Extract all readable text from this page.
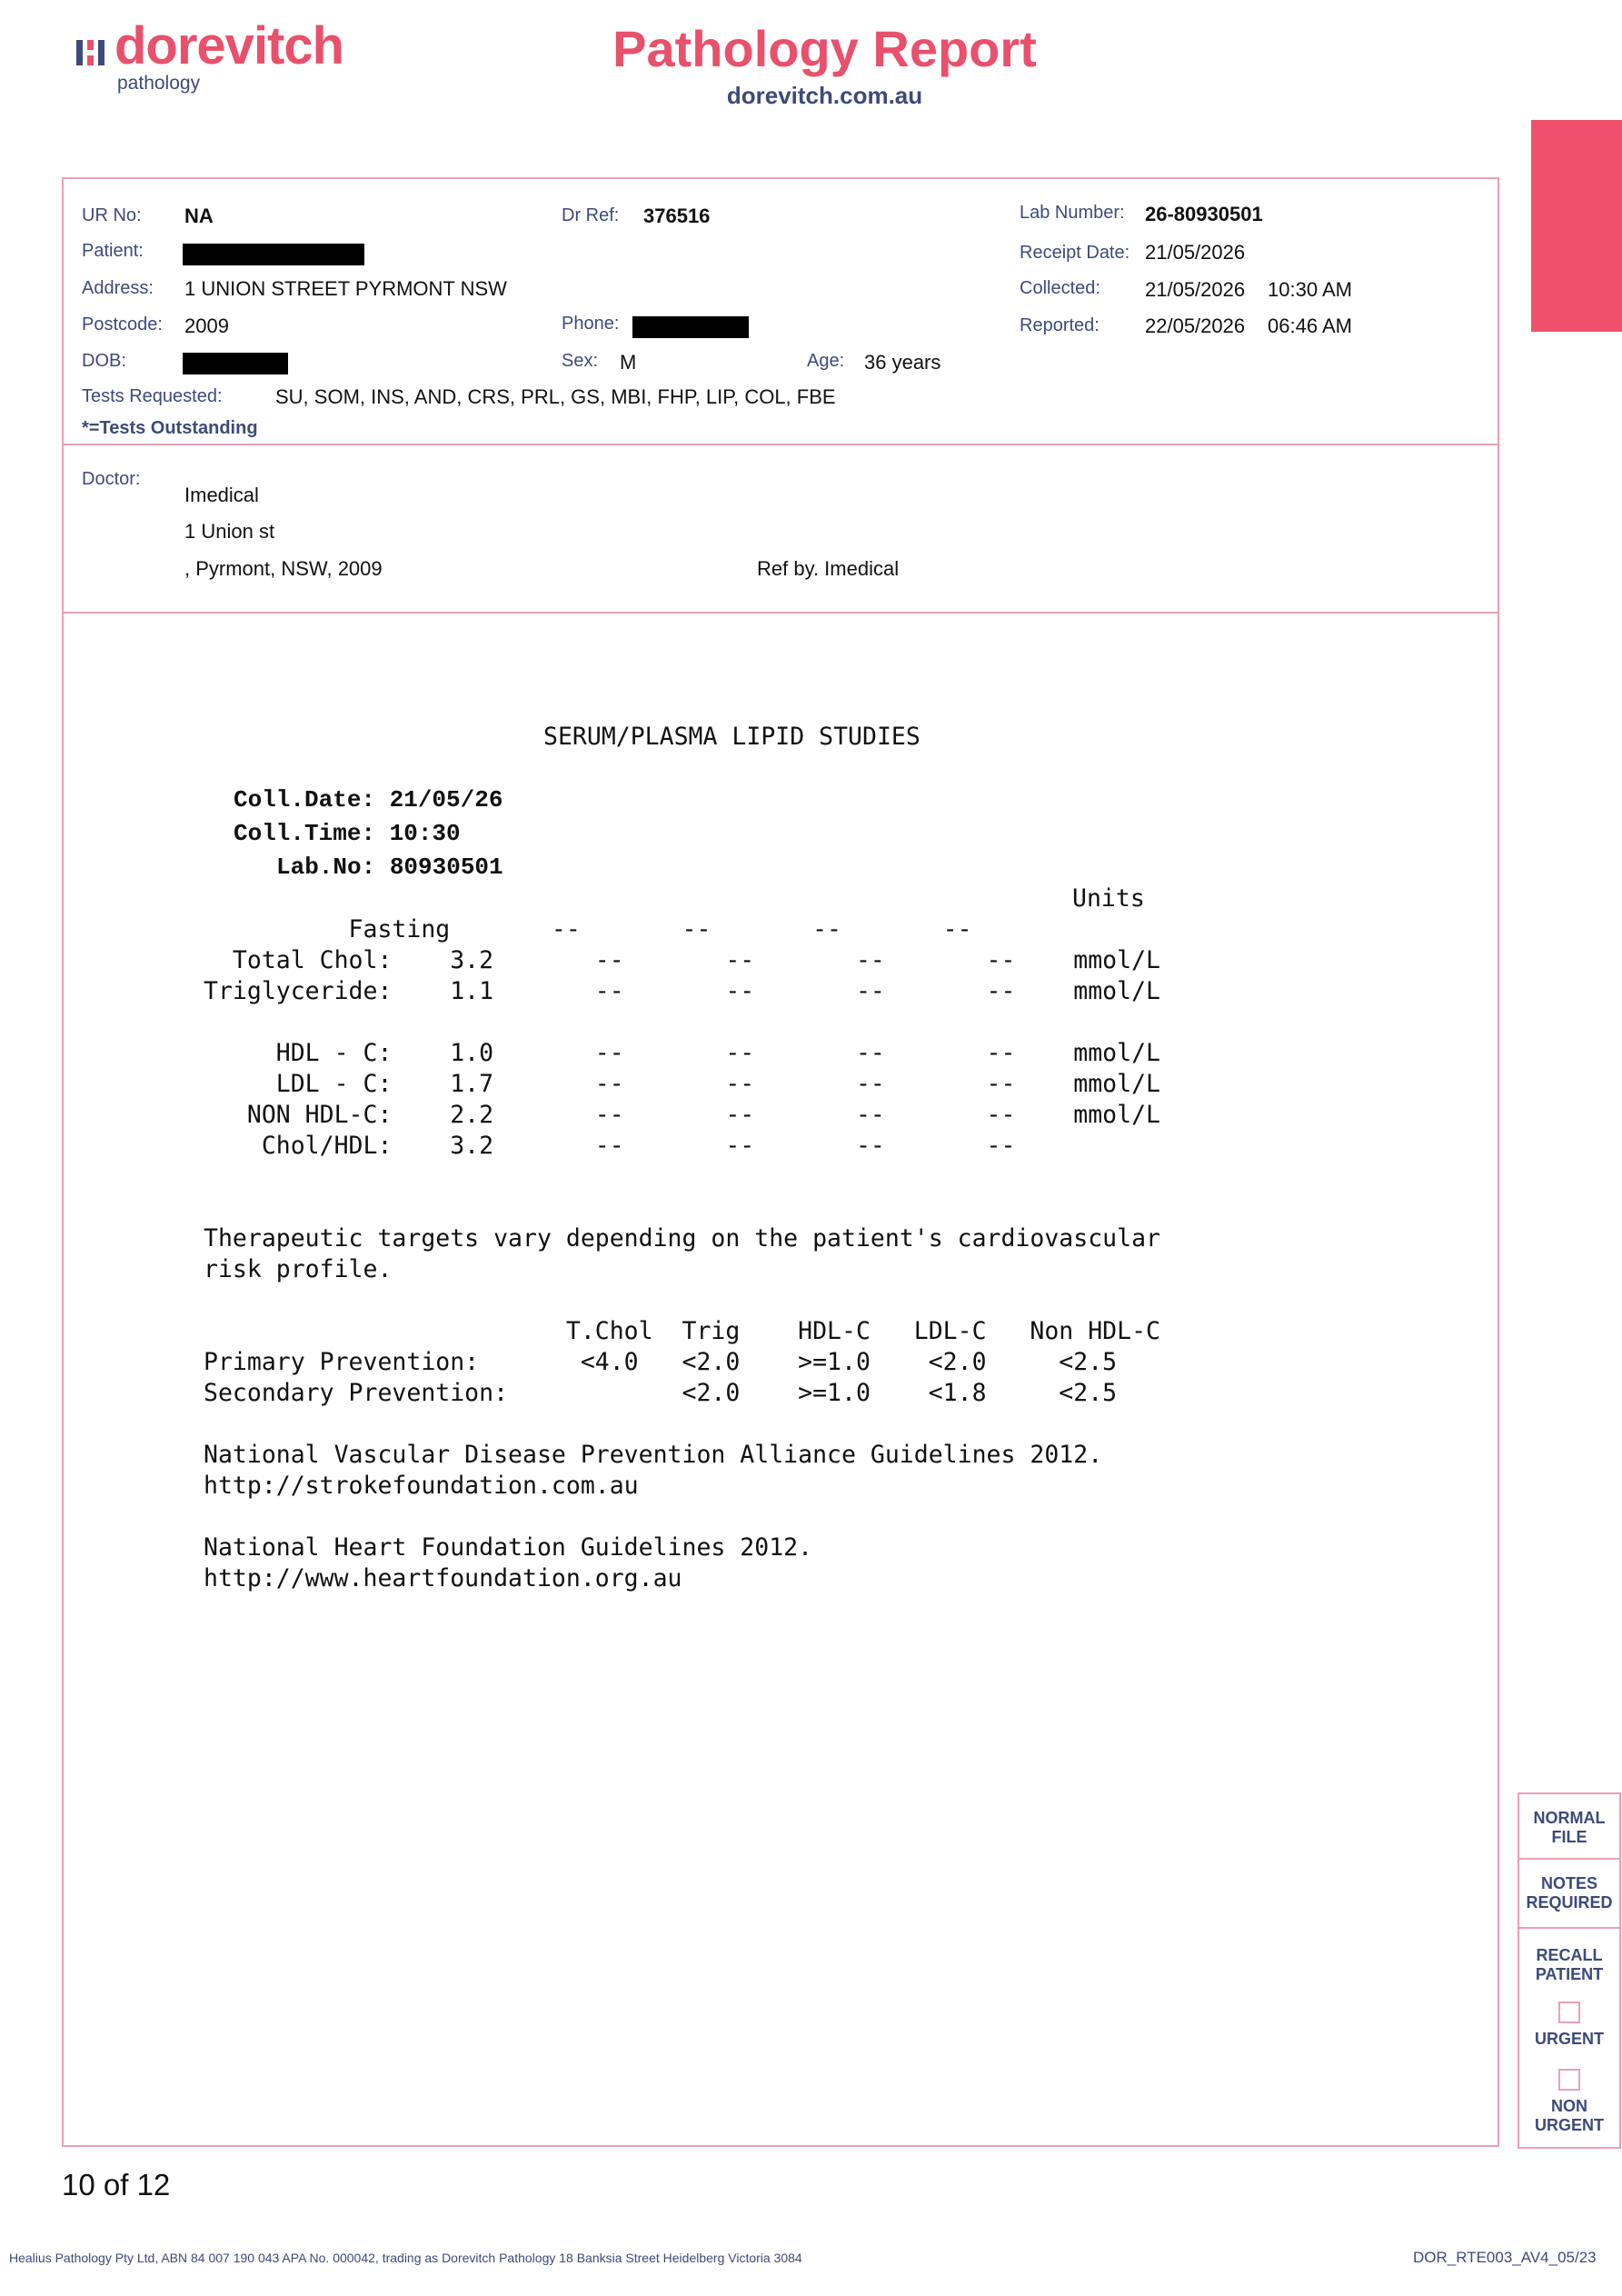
dorevitch
pathology
Pathology Report
dorevitch.com.au
UR No: NA
Patient:
Address: 1 UNION STREET PYRMONT NSW
Postcode: 2009
DOB:
Tests Requested:	SU, SOM, INS, AND, CRS, PRL, GS, MBI, FHP, LIP, COL, FBE
*=Tests Outstanding
Dr Ref: 376516
Phone:
Sex: M	Age: 36 years
Lab Number: 26-80930501
Receipt Date: 21/05/2026
Collected: 21/05/2026 10:30 AM
Reported: 22/05/2026 06:46 AM
Doctor:
Imedical
1 Union st
, Pyrmont, NSW, 2009	Ref by. Imedical
SERUM/PLASMA LIPID STUDIES
Coll.Date: 21/05/26
Coll.Time: 10:30
Lab.No: 80930501
Units
Fasting       --       --       --       --
Total Chol:    3.2       --       --       --       --    mmol/L
Triglyceride:    1.1       --       --       --       --    mmol/L
HDL - C:    1.0       --       --       --       --    mmol/L
LDL - C:    1.7       --       --       --       --    mmol/L
NON HDL-C:    2.2       --       --       --       --    mmol/L
Chol/HDL:    3.2       --       --       --       --
Therapeutic targets vary depending on the patient's cardiovascular
risk profile.
T.Chol  Trig    HDL-C   LDL-C   Non HDL-C
Primary Prevention:       <4.0   <2.0    >=1.0    <2.0     <2.5
Secondary Prevention:            <2.0    >=1.0    <1.8     <2.5
National Vascular Disease Prevention Alliance Guidelines 2012.
http://strokefoundation.com.au
National Heart Foundation Guidelines 2012.
http://www.heartfoundation.org.au
NORMAL
FILE
NOTES
REQUIRED
RECALL
PATIENT
URGENT
NON
URGENT
10 of 12
Healius Pathology Pty Ltd, ABN 84 007 190 043 APA No. 000042, trading as Dorevitch Pathology 18 Banksia Street Heidelberg Victoria 3084	DOR_RTE003_AV4_05/23
